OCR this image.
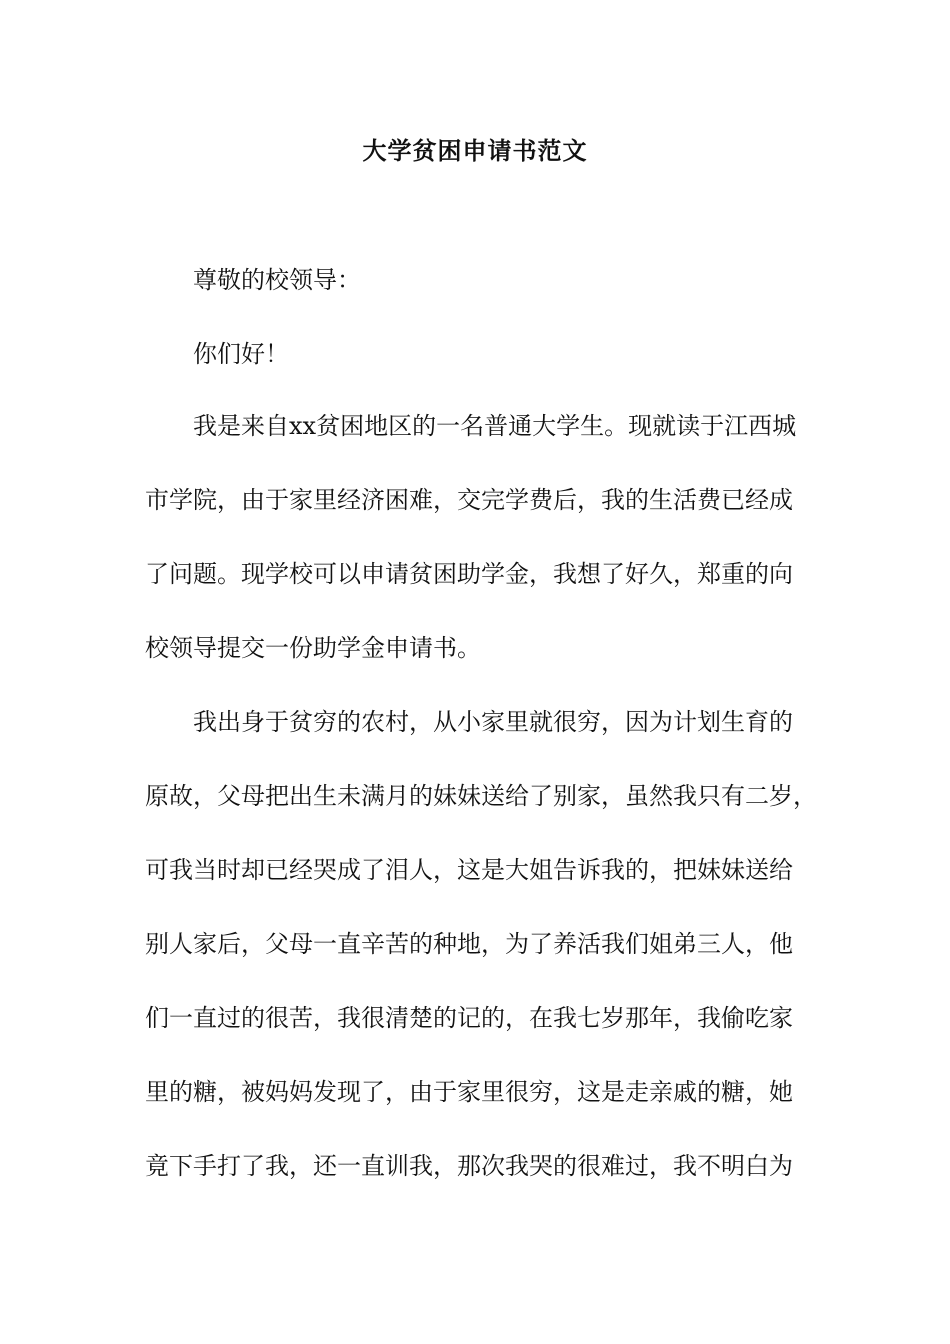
大学贫困申请书范文

尊敬的校领导：

你们好！

我是来自xx贫困地区的一名普通大学生。现就读于江西城

市学院，由于家里经济困难，交完学费后，我的生活费已经成

了问题。现学校可以申请贫困助学金，我想了好久，郑重的向

校领导提交一份助学金申请书。

我出身于贫穷的农村，从小家里就很穷，因为计划生育的

原故，父母把出生未满月的妹妹送给了别家，虽然我只有二岁，

可我当时却已经哭成了泪人，这是大姐告诉我的，把妹妹送给

别人家后，父母一直辛苦的种地，为了养活我们姐弟三人，他

们一直过的很苦，我很清楚的记的，在我七岁那年，我偷吃家

里的糖，被妈妈发现了，由于家里很穷，这是走亲戚的糖，她

竟下手打了我，还一直训我，那次我哭的很难过，我不明白为
